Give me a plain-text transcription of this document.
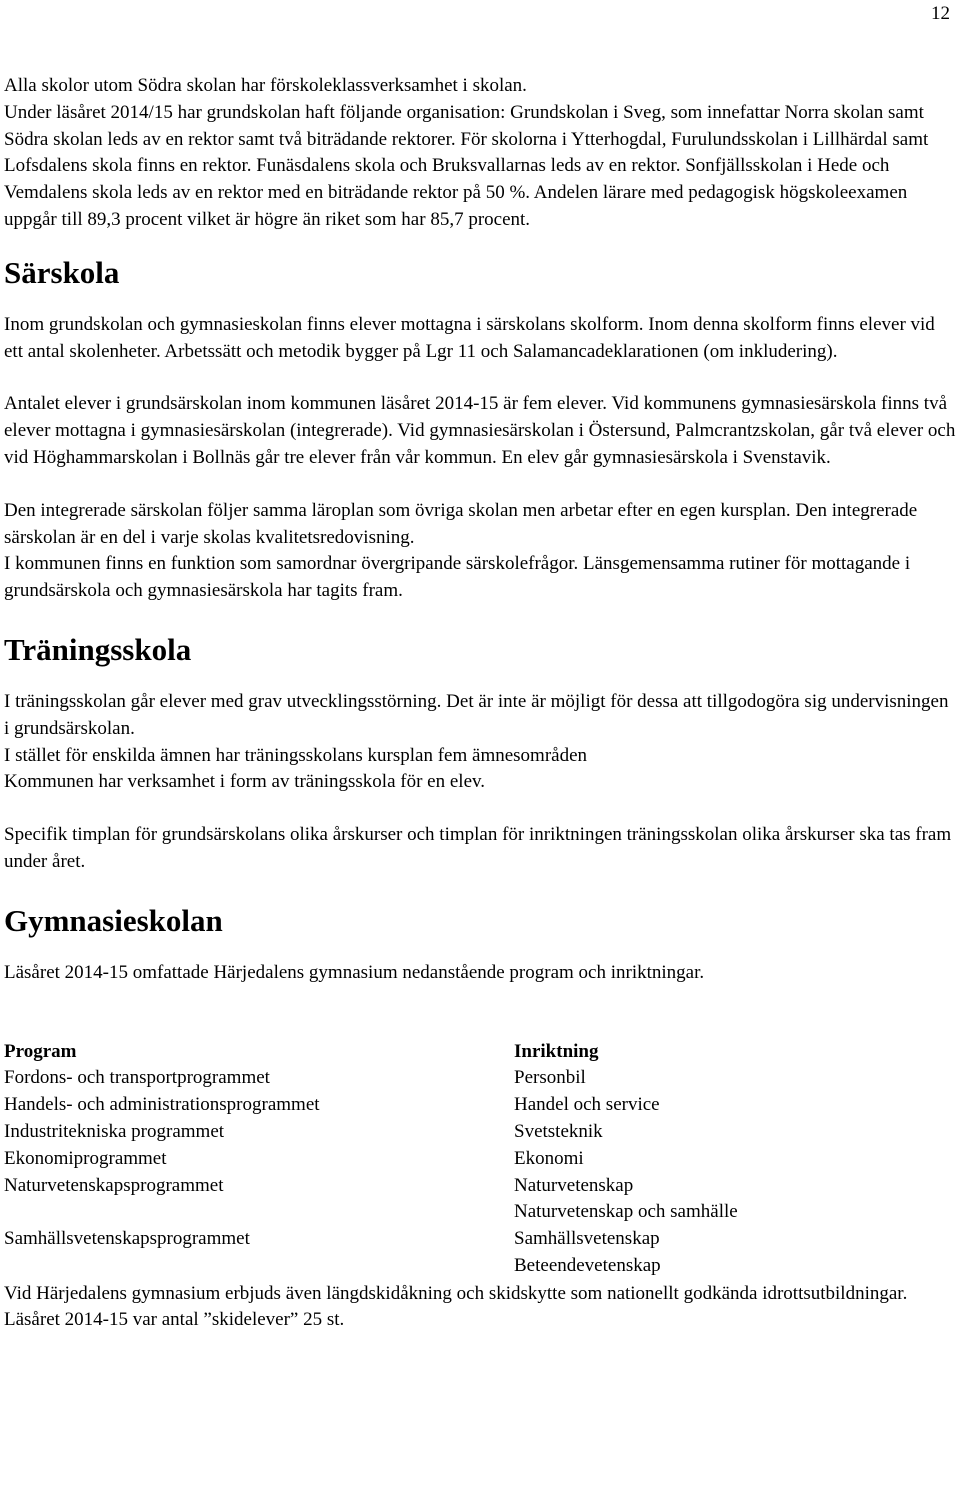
12

Alla skolor utom Södra skolan har förskoleklassverksamhet i skolan.

Under läsåret 2014/15 har grundskolan haft följande organisation: Grundskolan i Sveg, som innefattar Norra skolan samt Södra skolan leds av en rektor samt två biträdande rektorer. För skolorna i Ytterhogdal, Furulundsskolan i Lillhärdal samt Lofsdalens skola finns en rektor. Funäsdalens skola och Bruksvallarnas leds av en rektor. Sonfjällsskolan i Hede och Vemdalens skola leds av en rektor med en biträdande rektor på 50 %. Andelen lärare med pedagogisk högskoleexamen uppgår till 89,3 procent vilket är högre än riket som har 85,7 procent.

Särskola

Inom grundskolan och gymnasieskolan finns elever mottagna i särskolans skolform. Inom denna skolform finns elever vid ett antal skolenheter. Arbetssätt och metodik bygger på Lgr 11 och Salamancadeklarationen (om inkludering).

Antalet elever i grundsärskolan inom kommunen läsåret 2014-15 är fem elever. Vid kommunens gymnasiesärskola finns två elever mottagna i gymnasiesärskolan (integrerade). Vid gymnasiesärskolan i Östersund, Palmcrantzskolan, går två elever och vid Höghammarskolan i Bollnäs går tre elever från vår kommun. En elev går gymnasiesärskola i Svenstavik.

Den integrerade särskolan följer samma läroplan som övriga skolan men arbetar efter en egen kursplan. Den integrerade särskolan är en del i varje skolas kvalitetsredovisning.

I kommunen finns en funktion som samordnar övergripande särskolefrågor. Länsgemensamma rutiner för mottagande i grundsärskola och gymnasiesärskola har tagits fram.

Träningsskola

I träningsskolan går elever med grav utvecklingsstörning. Det är inte är möjligt för dessa att tillgodogöra sig undervisningen i grundsärskolan.

I stället för enskilda ämnen har träningsskolans kursplan fem ämnesområden

Kommunen har verksamhet i form av träningsskola för en elev.

Specifik timplan för grundsärskolans olika årskurser och timplan för inriktningen träningsskolan olika årskurser ska tas fram under året.

Gymnasieskolan

Läsåret 2014-15 omfattade Härjedalens gymnasium nedanstående program och inriktningar.

Program
Fordons- och transportprogrammet
Handels- och administrationsprogrammet
Industritekniska programmet
Ekonomiprogrammet
Naturvetenskapsprogrammet
Samhällsvetenskapsprogrammet
Inriktning
Personbil
Handel och service
Svetsteknik
Ekonomi
Naturvetenskap
Naturvetenskap och samhälle
Samhällsvetenskap
Beteendevetenskap

Vid Härjedalens gymnasium erbjuds även längdskidåkning och skidskytte som nationellt godkända idrottsutbildningar. Läsåret 2014-15 var antal ”skidelever” 25 st.
